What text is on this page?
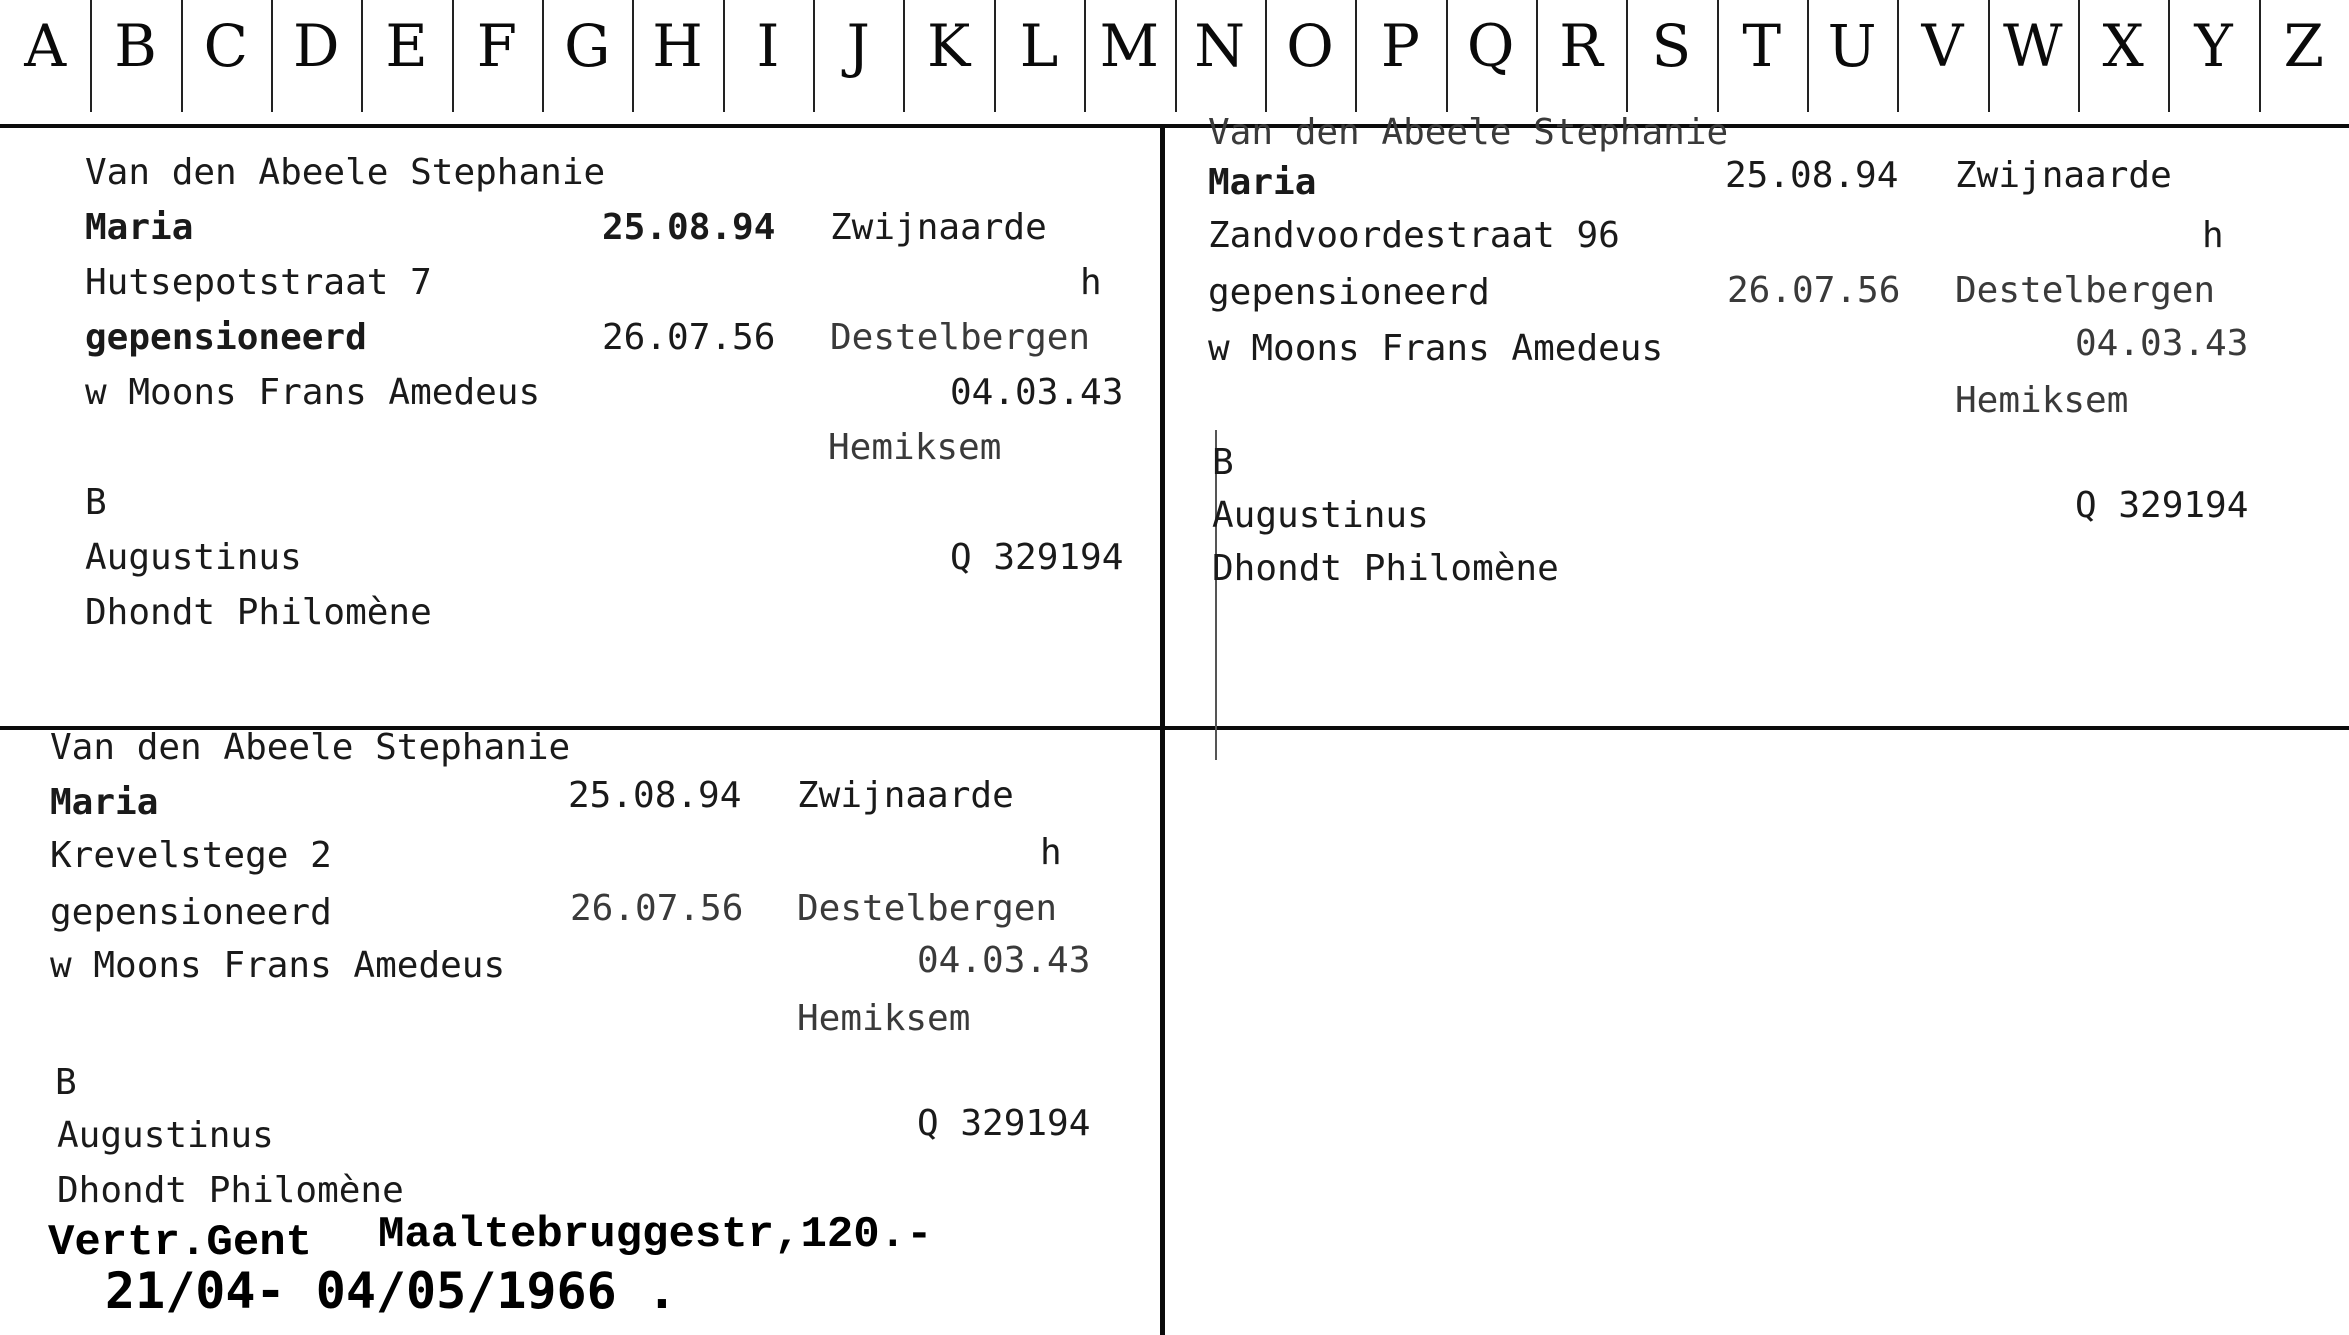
A B C D E F G H I	J K L M N O P Q R S T U V W X Y Z
Van den Abeele Stephanie
Maria	25.08.94 Zwijnaarde
Hutsepotstraat 7	h
gepensioneerd	26.07.56 Destelbergen
w Moons Frans Amedeus	04.03.43
Hemiksem
B
Augustinus	Q 329194
Dhondt Philomène
Van den Abeele Stephanie
Maria	25.08.94 Zwijnaarde
Zandvoordestraat 96	h
gepensioneerd	26.07.56 Destelbergen
w Moons Frans Amedeus	04.03.43
Hemiksem
B
Augustinus	Q 329194
Dhondt Philomène
Van den Abeele Stephanie
Maria	25.08.94 Zwijnaarde
Krevelstege 2	h
gepensioneerd	26.07.56 Destelbergen
w Moons Frans Amedeus	04.03.43
Hemiksem
B
Augustinus	Q 329194
Dhondt Philomène
Vertr.Gent Maaltebruggestr,120.-
21/04- 04/05/1966 .
